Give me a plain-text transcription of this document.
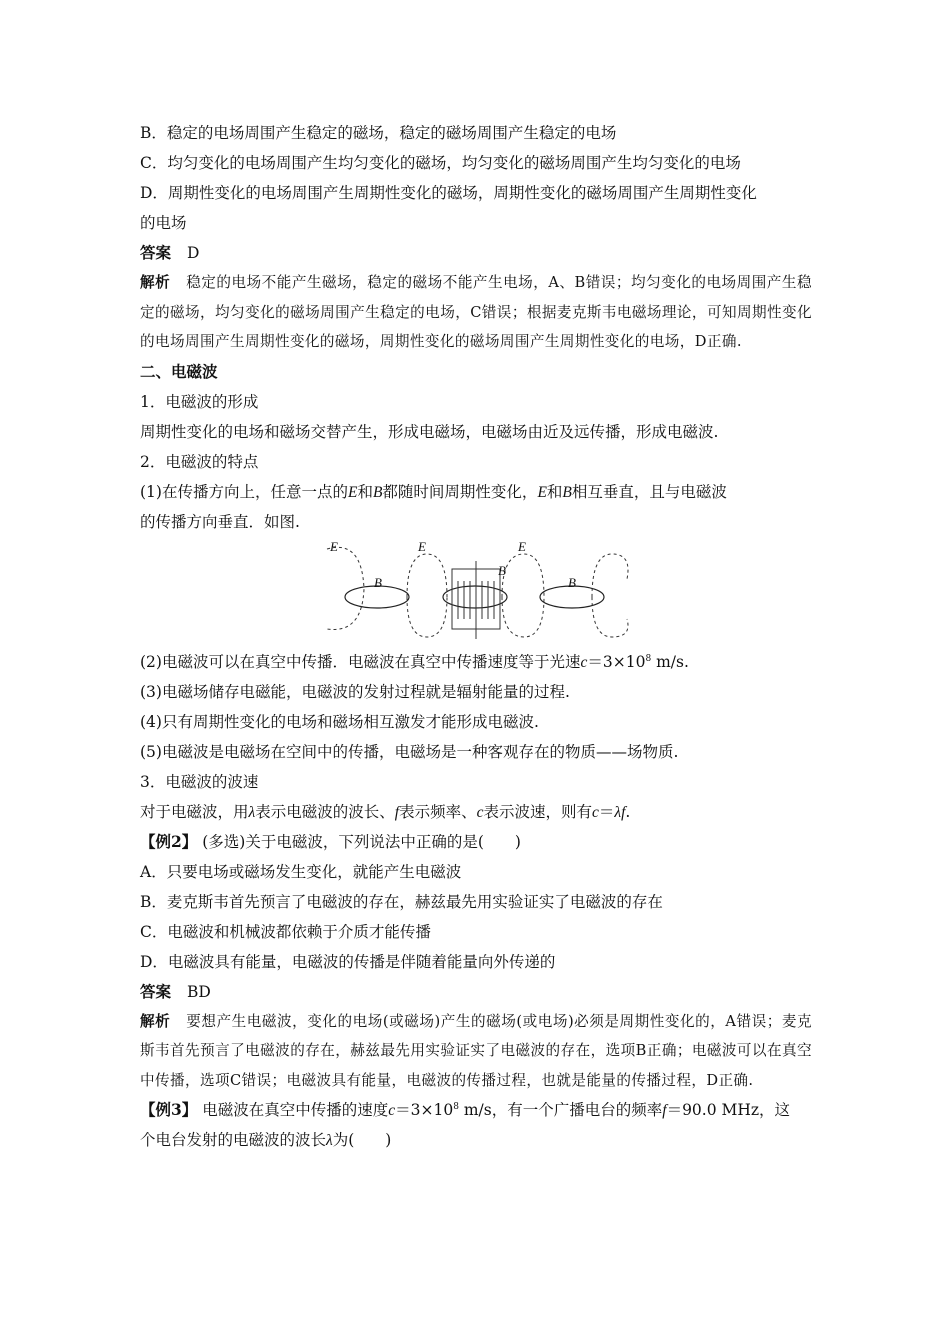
B．稳定的电场周围产生稳定的磁场，稳定的磁场周围产生稳定的电场
C．均匀变化的电场周围产生均匀变化的磁场，均匀变化的磁场周围产生均匀变化的电场
D．周期性变化的电场周围产生周期性变化的磁场，周期性变化的磁场周围产生周期性变化
的电场
答案 D
解析 稳定的电场不能产生磁场，稳定的磁场不能产生电场，A、B错误；均匀变化的电场周围产生稳定的磁场，均匀变化的磁场周围产生稳定的电场，C错误；根据麦克斯韦电磁场理论，可知周期性变化的电场周围产生周期性变化的磁场，周期性变化的磁场周围产生周期性变化的电场，D正确.
二、电磁波
1．电磁波的形成
周期性变化的电场和磁场交替产生，形成电磁场，电磁场由近及远传播，形成电磁波.
2．电磁波的特点
(1)在传播方向上，任意一点的E和B都随时间周期性变化，E和B相互垂直，且与电磁波
的传播方向垂直．如图.
E
B
E
B
E
B
(2)电磁波可以在真空中传播．电磁波在真空中传播速度等于光速$c=3\times 10^8$ m/s.
(3)电磁场储存电磁能，电磁波的发射过程就是辐射能量的过程.
(4)只有周期性变化的电场和磁场相互激发才能形成电磁波.
(5)电磁波是电磁场在空间中的传播，电磁场是一种客观存在的物质——场物质.
3．电磁波的波速
对于电磁波，用λ表示电磁波的波长、f表示频率、c表示波速，则有c＝λf.
【例2】 (多选)关于电磁波，下列说法中正确的是(　　)
A．只要电场或磁场发生变化，就能产生电磁波
B．麦克斯韦首先预言了电磁波的存在，赫兹最先用实验证实了电磁波的存在
C．电磁波和机械波都依赖于介质才能传播
D．电磁波具有能量，电磁波的传播是伴随着能量向外传递的
答案 BD
解析 要想产生电磁波，变化的电场(或磁场)产生的磁场(或电场)必须是周期性变化的，A错误；麦克斯韦首先预言了电磁波的存在，赫兹最先用实验证实了电磁波的存在，选项B正确；电磁波可以在真空中传播，选项C错误；电磁波具有能量，电磁波的传播过程，也就是能量的传播过程，D正确.
【例3】 电磁波在真空中传播的速度$c=3\times 10^8$ m/s，有一个广播电台的频率f＝90.0 MHz，这
个电台发射的电磁波的波长λ为(　　)
